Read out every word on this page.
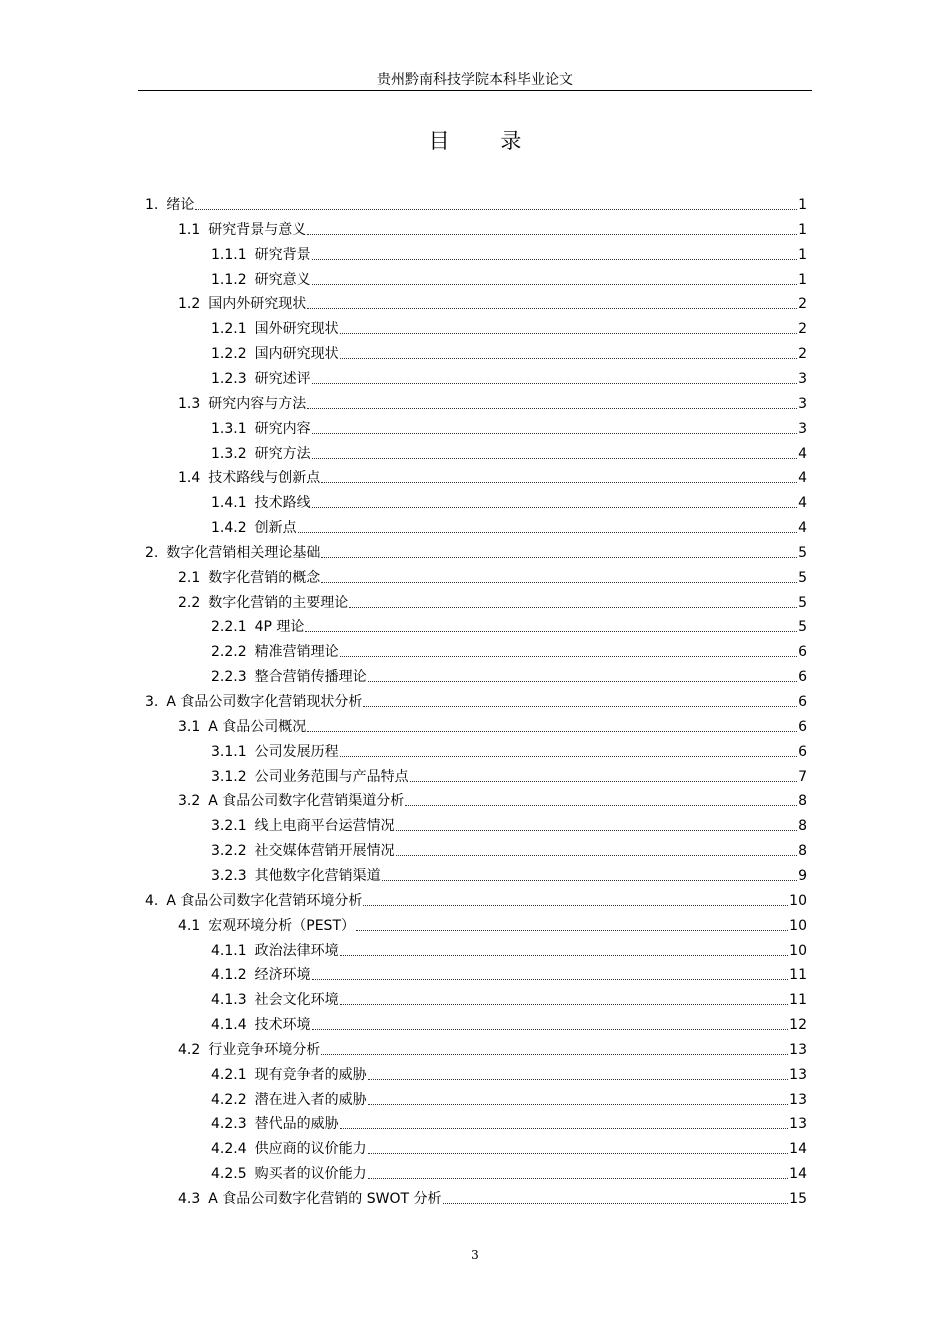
贵州黔南科技学院本科毕业论文
目 录
1. 绪论	1
1.1 研究背景与意义	1
1.1.1 研究背景	1
1.1.2 研究意义	1
1.2 国内外研究现状	2
1.2.1 国外研究现状	2
1.2.2 国内研究现状	2
1.2.3 研究述评	3
1.3 研究内容与方法	3
1.3.1 研究内容	3
1.3.2 研究方法	4
1.4 技术路线与创新点	4
1.4.1 技术路线	4
1.4.2 创新点	4
2. 数字化营销相关理论基础	5
2.1 数字化营销的概念	5
2.2 数字化营销的主要理论	5
2.2.1 4P 理论	5
2.2.2 精准营销理论	6
2.2.3 整合营销传播理论	6
3. A 食品公司数字化营销现状分析	6
3.1 A 食品公司概况	6
3.1.1 公司发展历程	6
3.1.2 公司业务范围与产品特点	7
3.2 A 食品公司数字化营销渠道分析	8
3.2.1 线上电商平台运营情况	8
3.2.2 社交媒体营销开展情况	8
3.2.3 其他数字化营销渠道	9
4. A 食品公司数字化营销环境分析	10
4.1 宏观环境分析（PEST）	10
4.1.1 政治法律环境	10
4.1.2 经济环境	11
4.1.3 社会文化环境	11
4.1.4 技术环境	12
4.2 行业竞争环境分析	13
4.2.1 现有竞争者的威胁	13
4.2.2 潜在进入者的威胁	13
4.2.3 替代品的威胁	13
4.2.4 供应商的议价能力	14
4.2.5 购买者的议价能力	14
4.3 A 食品公司数字化营销的 SWOT 分析	15
3
